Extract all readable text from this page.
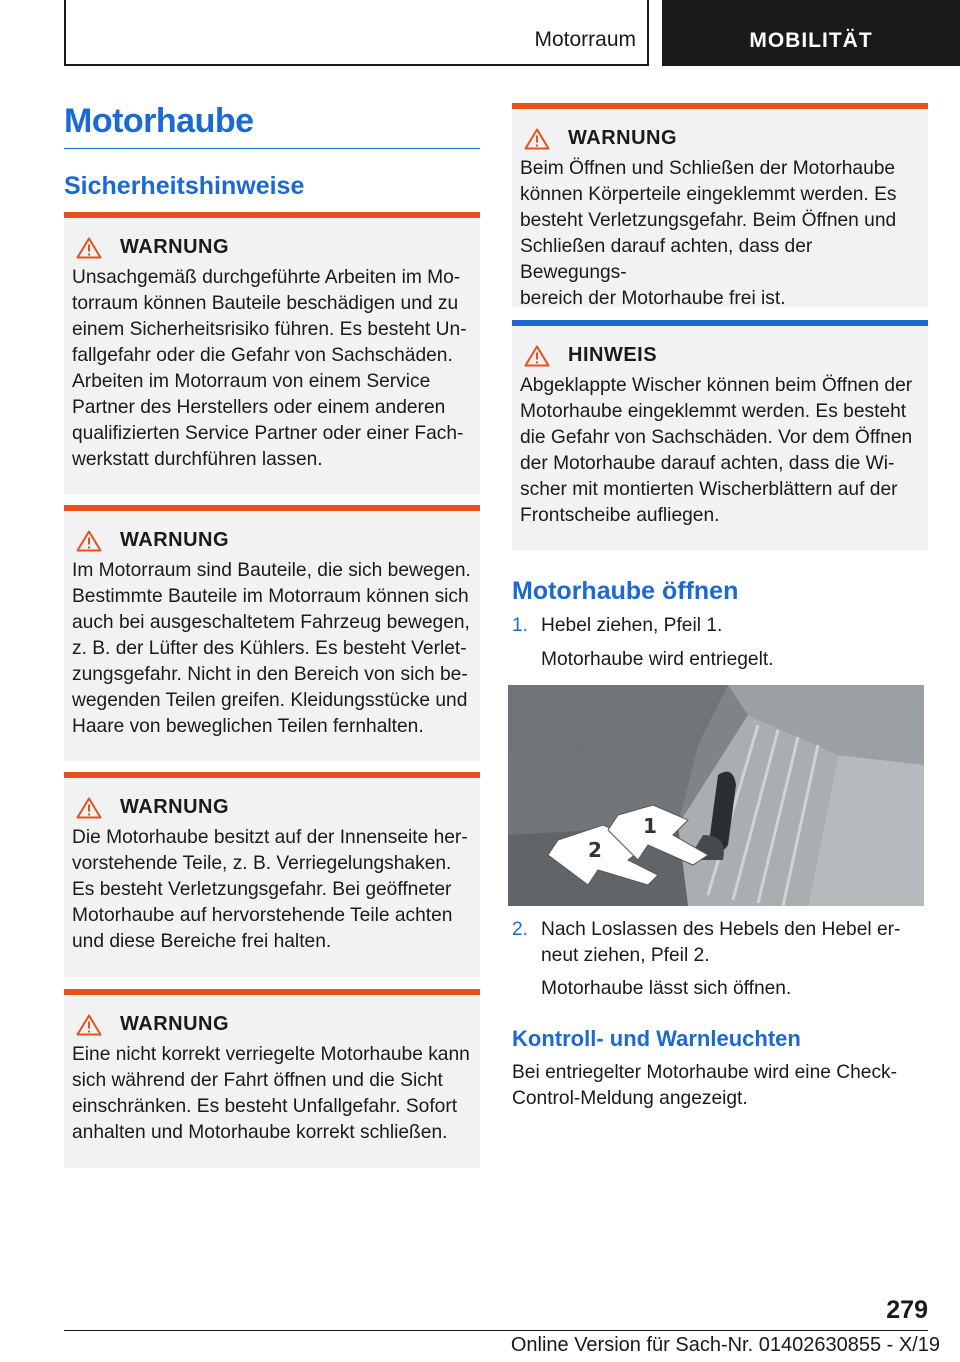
Motorraum	MOBILITÄT
Motorhaube
Sicherheitshinweise
WARNUNG
Unsachgemäß durchgeführte Arbeiten im Mo-
torraum können Bauteile beschädigen und zu
einem Sicherheitsrisiko führen. Es besteht Un-
fallgefahr oder die Gefahr von Sachschäden.
Arbeiten im Motorraum von einem Service
Partner des Herstellers oder einem anderen
qualifizierten Service Partner oder einer Fach-
werkstatt durchführen lassen.
WARNUNG
Im Motorraum sind Bauteile, die sich bewegen.
Bestimmte Bauteile im Motorraum können sich
auch bei ausgeschaltetem Fahrzeug bewegen,
z. B. der Lüfter des Kühlers. Es besteht Verlet-
zungsgefahr. Nicht in den Bereich von sich be-
wegenden Teilen greifen. Kleidungsstücke und
Haare von beweglichen Teilen fernhalten.
WARNUNG
Die Motorhaube besitzt auf der Innenseite her-
vorstehende Teile, z. B. Verriegelungshaken.
Es besteht Verletzungsgefahr. Bei geöffneter
Motorhaube auf hervorstehende Teile achten
und diese Bereiche frei halten.
WARNUNG
Eine nicht korrekt verriegelte Motorhaube kann
sich während der Fahrt öffnen und die Sicht
einschränken. Es besteht Unfallgefahr. Sofort
anhalten und Motorhaube korrekt schließen.
WARNUNG
Beim Öffnen und Schließen der Motorhaube
können Körperteile eingeklemmt werden. Es
besteht Verletzungsgefahr. Beim Öffnen und
Schließen darauf achten, dass der Bewegungs-
bereich der Motorhaube frei ist.
HINWEIS
Abgeklappte Wischer können beim Öffnen der
Motorhaube eingeklemmt werden. Es besteht
die Gefahr von Sachschäden. Vor dem Öffnen
der Motorhaube darauf achten, dass die Wi-
scher mit montierten Wischerblättern auf der
Frontscheibe aufliegen.
Motorhaube öffnen
1. Hebel ziehen, Pfeil 1.
Motorhaube wird entriegelt.
2
1
2. Nach Loslassen des Hebels den Hebel er-
neut ziehen, Pfeil 2.
Motorhaube lässt sich öffnen.
Kontroll- und Warnleuchten
Bei entriegelter Motorhaube wird eine Check-
Control-Meldung angezeigt.
279
Online Version für Sach-Nr. 01402630855 - X/19
